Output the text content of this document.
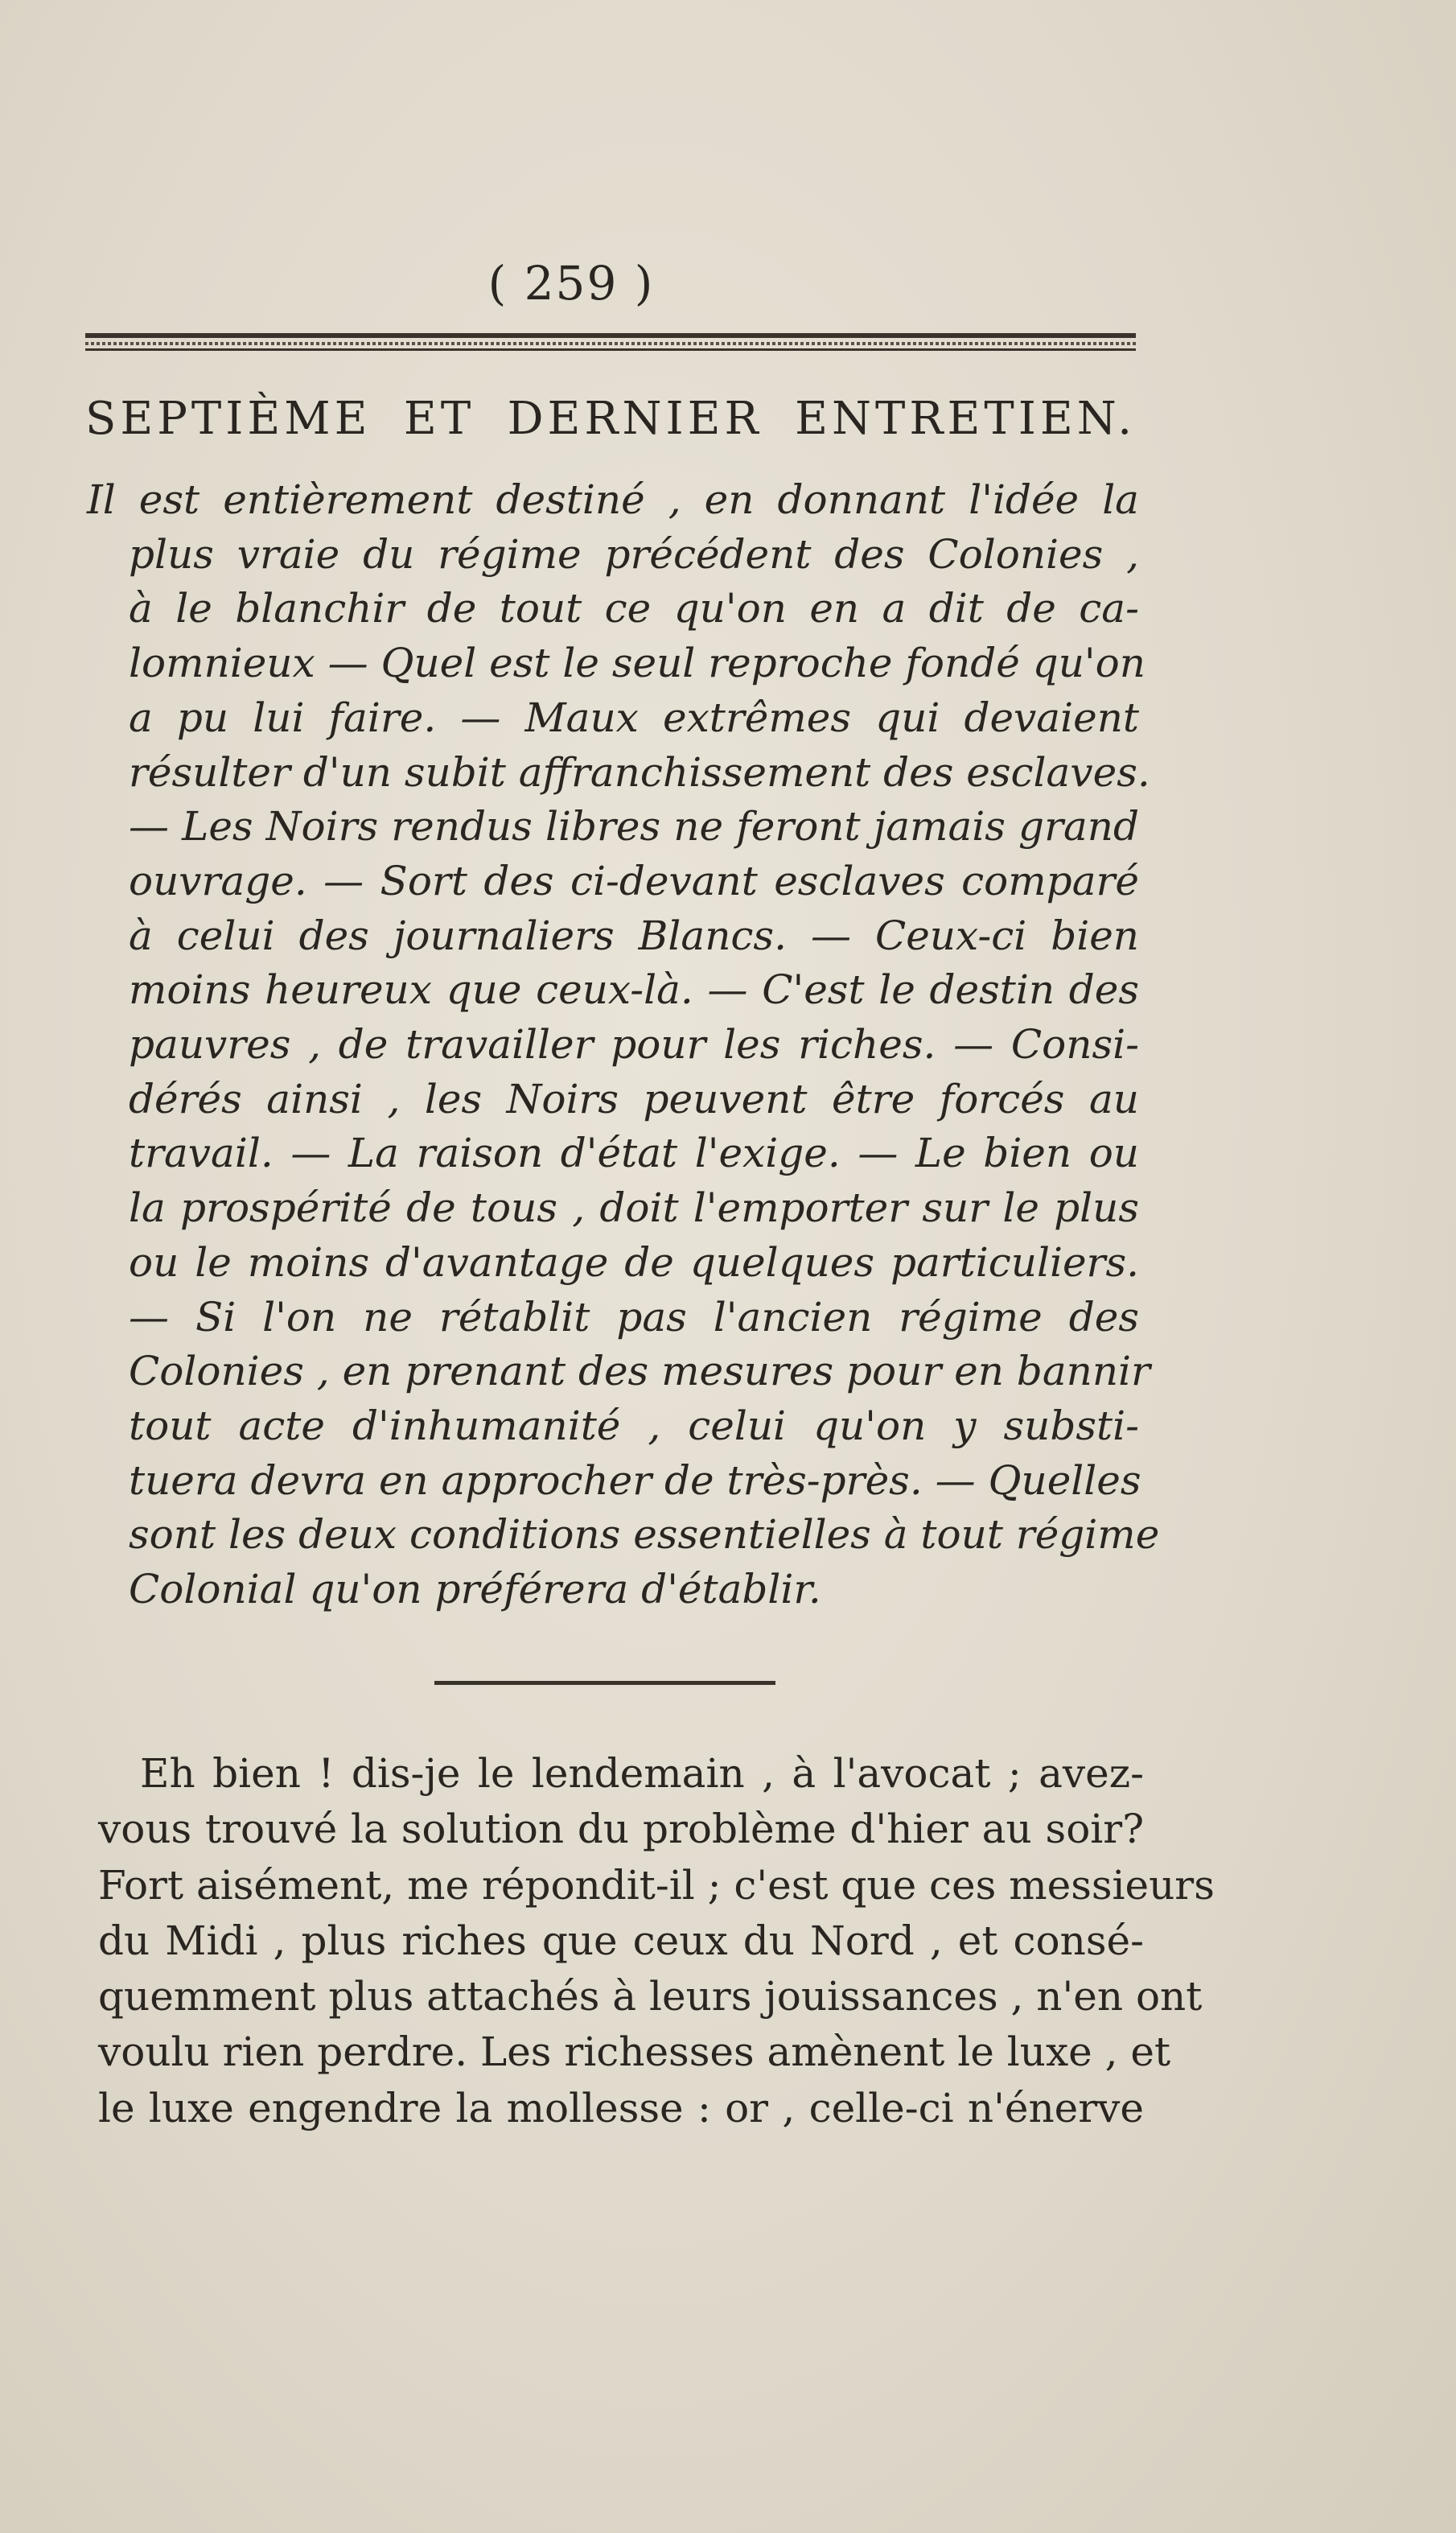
( 259 )
SEPTIÈME ET DERNIER ENTRETIEN.
Il est entièrement destiné , en donnant l'idée la
plus vraie du régime précédent des Colonies ,
à le blanchir de tout ce qu'on en a dit de ca-
lomnieux — Quel est le seul reproche fondé qu'on
a pu lui faire. — Maux extrêmes qui devaient
résulter d'un subit affranchissement des esclaves.
— Les Noirs rendus libres ne feront jamais grand
ouvrage. — Sort des ci-devant esclaves comparé
à celui des journaliers Blancs. — Ceux-ci bien
moins heureux que ceux-là. — C'est le destin des
pauvres , de travailler pour les riches. — Consi-
dérés ainsi , les Noirs peuvent être forcés au
travail. — La raison d'état l'exige. — Le bien ou
la prospérité de tous , doit l'emporter sur le plus
ou le moins d'avantage de quelques particuliers.
— Si l'on ne rétablit pas l'ancien régime des
Colonies , en prenant des mesures pour en bannir
tout acte d'inhumanité , celui qu'on y substi-
tuera devra en approcher de très-près. — Quelles
sont les deux conditions essentielles à tout régime
Colonial qu'on préférera d'établir.
Eh bien ! dis-je le lendemain , à l'avocat ; avez-
vous trouvé la solution du problème d'hier au soir?
Fort aisément, me répondit-il ; c'est que ces messieurs
du Midi , plus riches que ceux du Nord , et consé-
quemment plus attachés à leurs jouissances , n'en ont
voulu rien perdre. Les richesses amènent le luxe , et
le luxe engendre la mollesse : or , celle-ci n'énerve
